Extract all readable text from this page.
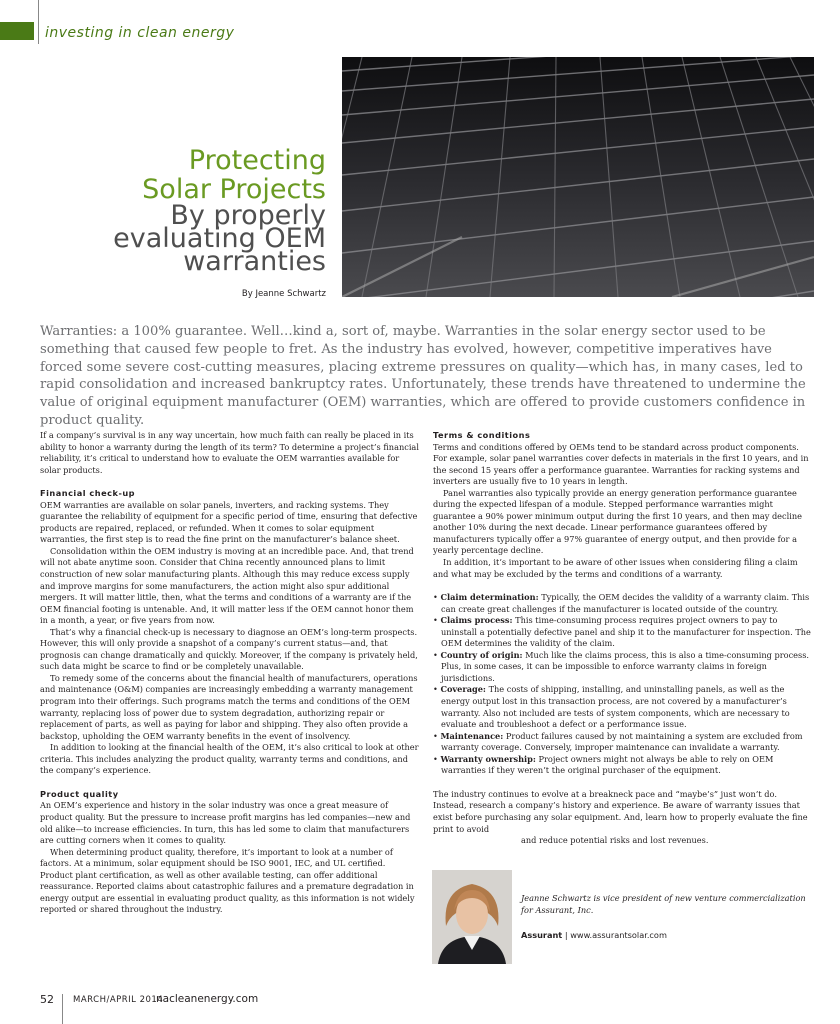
investing in clean energy
Protecting
Solar Projects
By properly
evaluating OEM
warranties
By Jeanne Schwartz
Warranties: a 100% guarantee. Well…kind a, sort of, maybe. Warranties in the solar energy sector used to be something that caused few people to fret. As the industry has evolved, however, competitive imperatives have forced some severe cost-cutting measures, placing extreme pressures on quality—which has, in many cases, led to rapid consolidation and increased bankruptcy rates. Unfortunately, these trends have threatened to undermine the value of original equipment manufacturer (OEM) warranties, which are offered to provide customers confidence in product quality.

If a company’s survival is in any way uncertain, how much faith can really be placed in its ability to honor a warranty during the length of its term? To determine a project’s financial reliability, it’s critical to understand how to evaluate the OEM warranties available for solar products.

Financial check-up

OEM warranties are available on solar panels, inverters, and racking systems. They guarantee the reliability of equipment for a specific period of time, ensuring that defective products are repaired, replaced, or refunded. When it comes to solar equipment warranties, the first step is to read the fine print on the manufacturer’s balance sheet.

Consolidation within the OEM industry is moving at an incredible pace. And, that trend will not abate anytime soon. Consider that China recently announced plans to limit construction of new solar manufacturing plants. Although this may reduce excess supply and improve margins for some manufacturers, the action might also spur additional mergers. It will matter little, then, what the terms and conditions of a warranty are if the OEM financial footing is untenable. And, it will matter less if the OEM cannot honor them in a month, a year, or five years from now.

That’s why a financial check-up is necessary to diagnose an OEM’s long-term prospects. However, this will only provide a snapshot of a company’s current status—and, that prognosis can change dramatically and quickly. Moreover, if the company is privately held, such data might be scarce to find or be completely unavailable.

To remedy some of the concerns about the financial health of manufacturers, operations and maintenance (O&M) companies are increasingly embedding a warranty management program into their offerings. Such programs match the terms and conditions of the OEM warranty, replacing loss of power due to system degradation, authorizing repair or replacement of parts, as well as paying for labor and shipping. They also often provide a backstop, upholding the OEM warranty benefits in the event of insolvency.

In addition to looking at the financial health of the OEM, it’s also critical to look at other criteria. This includes analyzing the product quality, warranty terms and conditions, and the company’s experience.

Product quality

An OEM’s experience and history in the solar industry was once a great measure of product quality. But the pressure to increase profit margins has led companies—new and old alike—to increase efficiencies. In turn, this has led some to claim that manufacturers are cutting corners when it comes to quality.

When determining product quality, therefore, it’s important to look at a number of factors. At a minimum, solar equipment should be ISO 9001, IEC, and UL certified. Product plant certification, as well as other available testing, can offer additional reassurance. Reported claims about catastrophic failures and a premature degradation in energy output are essential in evaluating product quality, as this information is not widely reported or shared throughout the industry.

Terms & conditions

Terms and conditions offered by OEMs tend to be standard across product components. For example, solar panel warranties cover defects in materials in the first 10 years, and in the second 15 years offer a performance guarantee. Warranties for racking systems and inverters are usually five to 10 years in length.

Panel warranties also typically provide an energy generation performance guarantee during the expected lifespan of a module. Stepped performance warranties might guarantee a 90% power minimum output during the first 10 years, and then may decline another 10% during the next decade. Linear performance guarantees offered by manufacturers typically offer a 97% guarantee of energy output, and then provide for a yearly percentage decline.

In addition, it’s important to be aware of other issues when considering filing a claim and what may be excluded by the terms and conditions of a warranty.

• Claim determination: Typically, the OEM decides the validity of a warranty claim. This can create great challenges if the manufacturer is located outside of the country.
• Claims process: This time-consuming process requires project owners to pay to uninstall a potentially defective panel and ship it to the manufacturer for inspection. The OEM determines the validity of the claim.
• Country of origin: Much like the claims process, this is also a time-consuming process. Plus, in some cases, it can be impossible to enforce warranty claims in foreign jurisdictions.
• Coverage: The costs of shipping, installing, and uninstalling panels, as well as the energy output lost in this transaction process, are not covered by a manufacturer’s warranty. Also not included are tests of system components, which are necessary to evaluate and troubleshoot a defect or a performance issue.
• Maintenance: Product failures caused by not maintaining a system are excluded from warranty coverage. Conversely, improper maintenance can invalidate a warranty.
• Warranty ownership: Project owners might not always be able to rely on OEM warranties if they weren’t the original purchaser of the equipment.

The industry continues to evolve at a breakneck pace and “maybe’s” just won’t do. Instead, research a company’s history and experience. Be aware of warranty issues that exist before purchasing any solar equipment. And, learn how to properly evaluate the fine print to avoid

and reduce potential risks and lost revenues.

Jeanne Schwartz is vice president of new venture commercialization for Assurant, Inc.
Assurant | www.assurantsolar.com
52 MARCH/APRIL 2014
nacleanenergy.com
